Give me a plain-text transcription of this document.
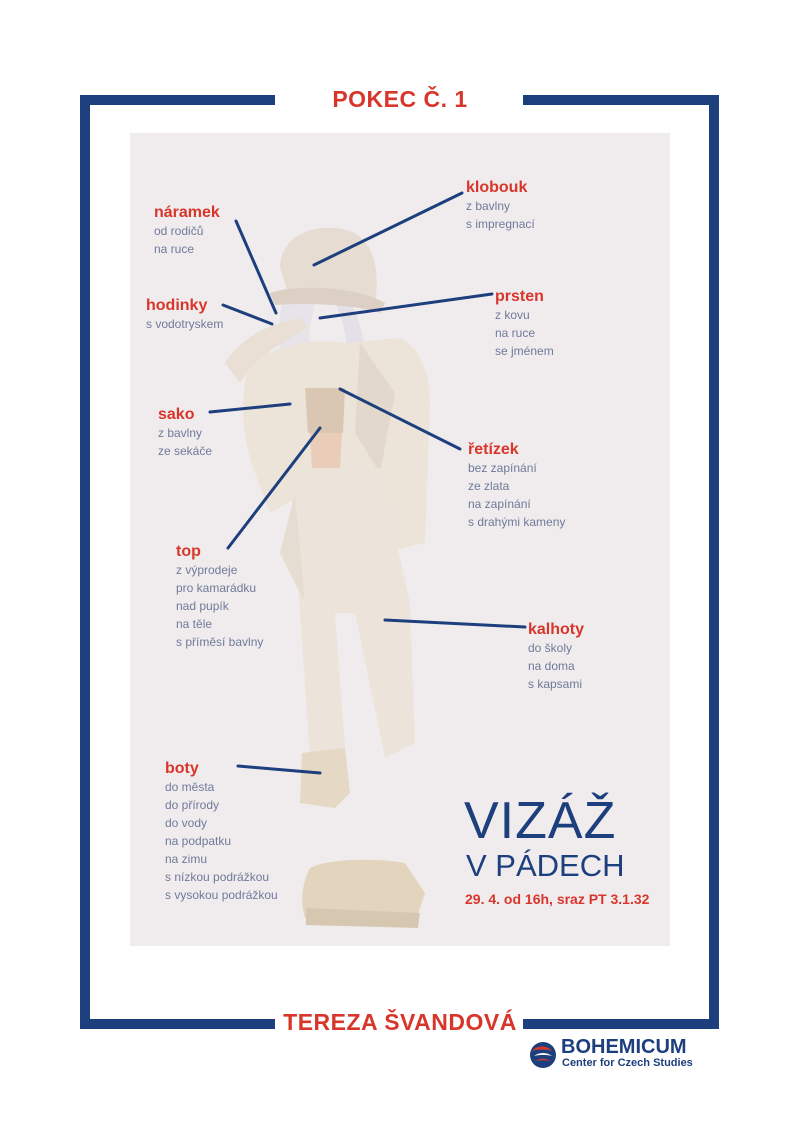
POKEC Č. 1
TEREZA ŠVANDOVÁ
náramek
od rodičů
na ruce
hodinky
s vodotryskem
sako
z bavlny
ze sekáče
top
z výprodeje
pro kamarádku
nad pupík
na těle
s příměsí bavlny
boty
do města
do přírody
do vody
na podpatku
na zimu
s nízkou podrážkou
s vysokou podrážkou
klobouk
z bavlny
s impregnací
prsten
z kovu
na ruce
se jménem
řetízek
bez zapínání
ze zlata
na zapínání
s drahými kameny
kalhoty
do školy
na doma
s kapsami
VIZÁŽ
V PÁDECH
29. 4. od 16h, sraz PT 3.1.32
BOHEMICUM
Center for Czech Studies
